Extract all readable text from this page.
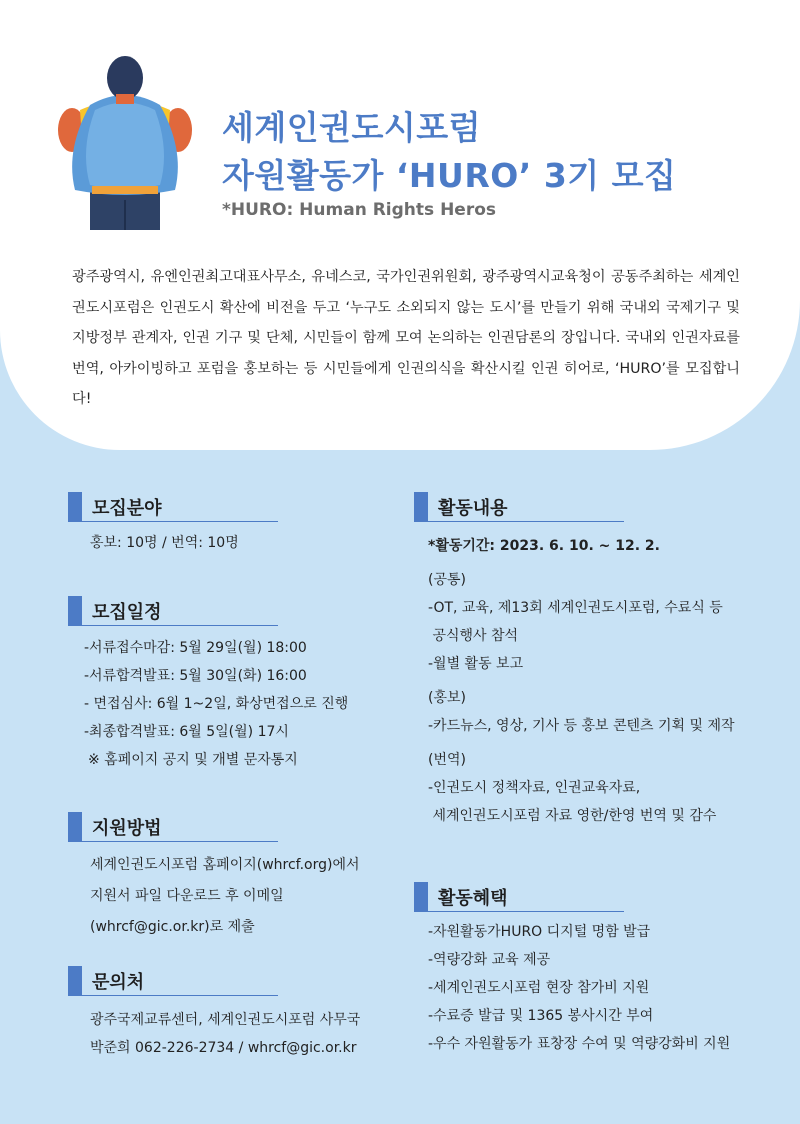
세계인권도시포럼
자원활동가 ‘HURO’ 3기 모집
*HURO: Human Rights Heros

광주광역시, 유엔인권최고대표사무소, 유네스코, 국가인권위원회, 광주광역시교육청이 공동주최하는 세계인권도시포럼은 인권도시 확산에 비전을 두고 ‘누구도 소외되지 않는 도시’를 만들기 위해 국내외 국제기구 및 지방정부 관계자, 인권 기구 및 단체, 시민들이 함께 모여 논의하는 인권담론의 장입니다. 국내외 인권자료를 번역, 아카이빙하고 포럼을 홍보하는 등 시민들에게 인권의식을 확산시킬 인권 히어로, ‘HURO’를 모집합니다!

모집분야
홍보: 10명 / 번역: 10명
모집일정
-서류접수마감: 5월 29일(월) 18:00
-서류합격발표: 5월 30일(화) 16:00
- 면접심사: 6월 1~2일, 화상면접으로 진행
-최종합격발표: 6월 5일(월) 17시
※ 홈페이지 공지 및 개별 문자통지
지원방법
세계인권도시포럼 홈페이지(whrcf.org)에서
지원서 파일 다운로드 후 이메일
(whrcf@gic.or.kr)로 제출
문의처
광주국제교류센터, 세계인권도시포럼 사무국
박준희 062-226-2734 / whrcf@gic.or.kr
활동내용
*활동기간: 2023. 6. 10. ~ 12. 2.
(공통)
-OT, 교육, 제13회 세계인권도시포럼, 수료식 등
공식행사 참석
-월별 활동 보고
(홍보)
-카드뉴스, 영상, 기사 등 홍보 콘텐츠 기획 및 제작
(번역)
-인권도시 정책자료, 인권교육자료,
세계인권도시포럼 자료 영한/한영 번역 및 감수
활동혜택
-자원활동가HURO 디지털 명함 발급
-역량강화 교육 제공
-세계인권도시포럼 현장 참가비 지원
-수료증 발급 및 1365 봉사시간 부여
-우수 자원활동가 표창장 수여 및 역량강화비 지원
